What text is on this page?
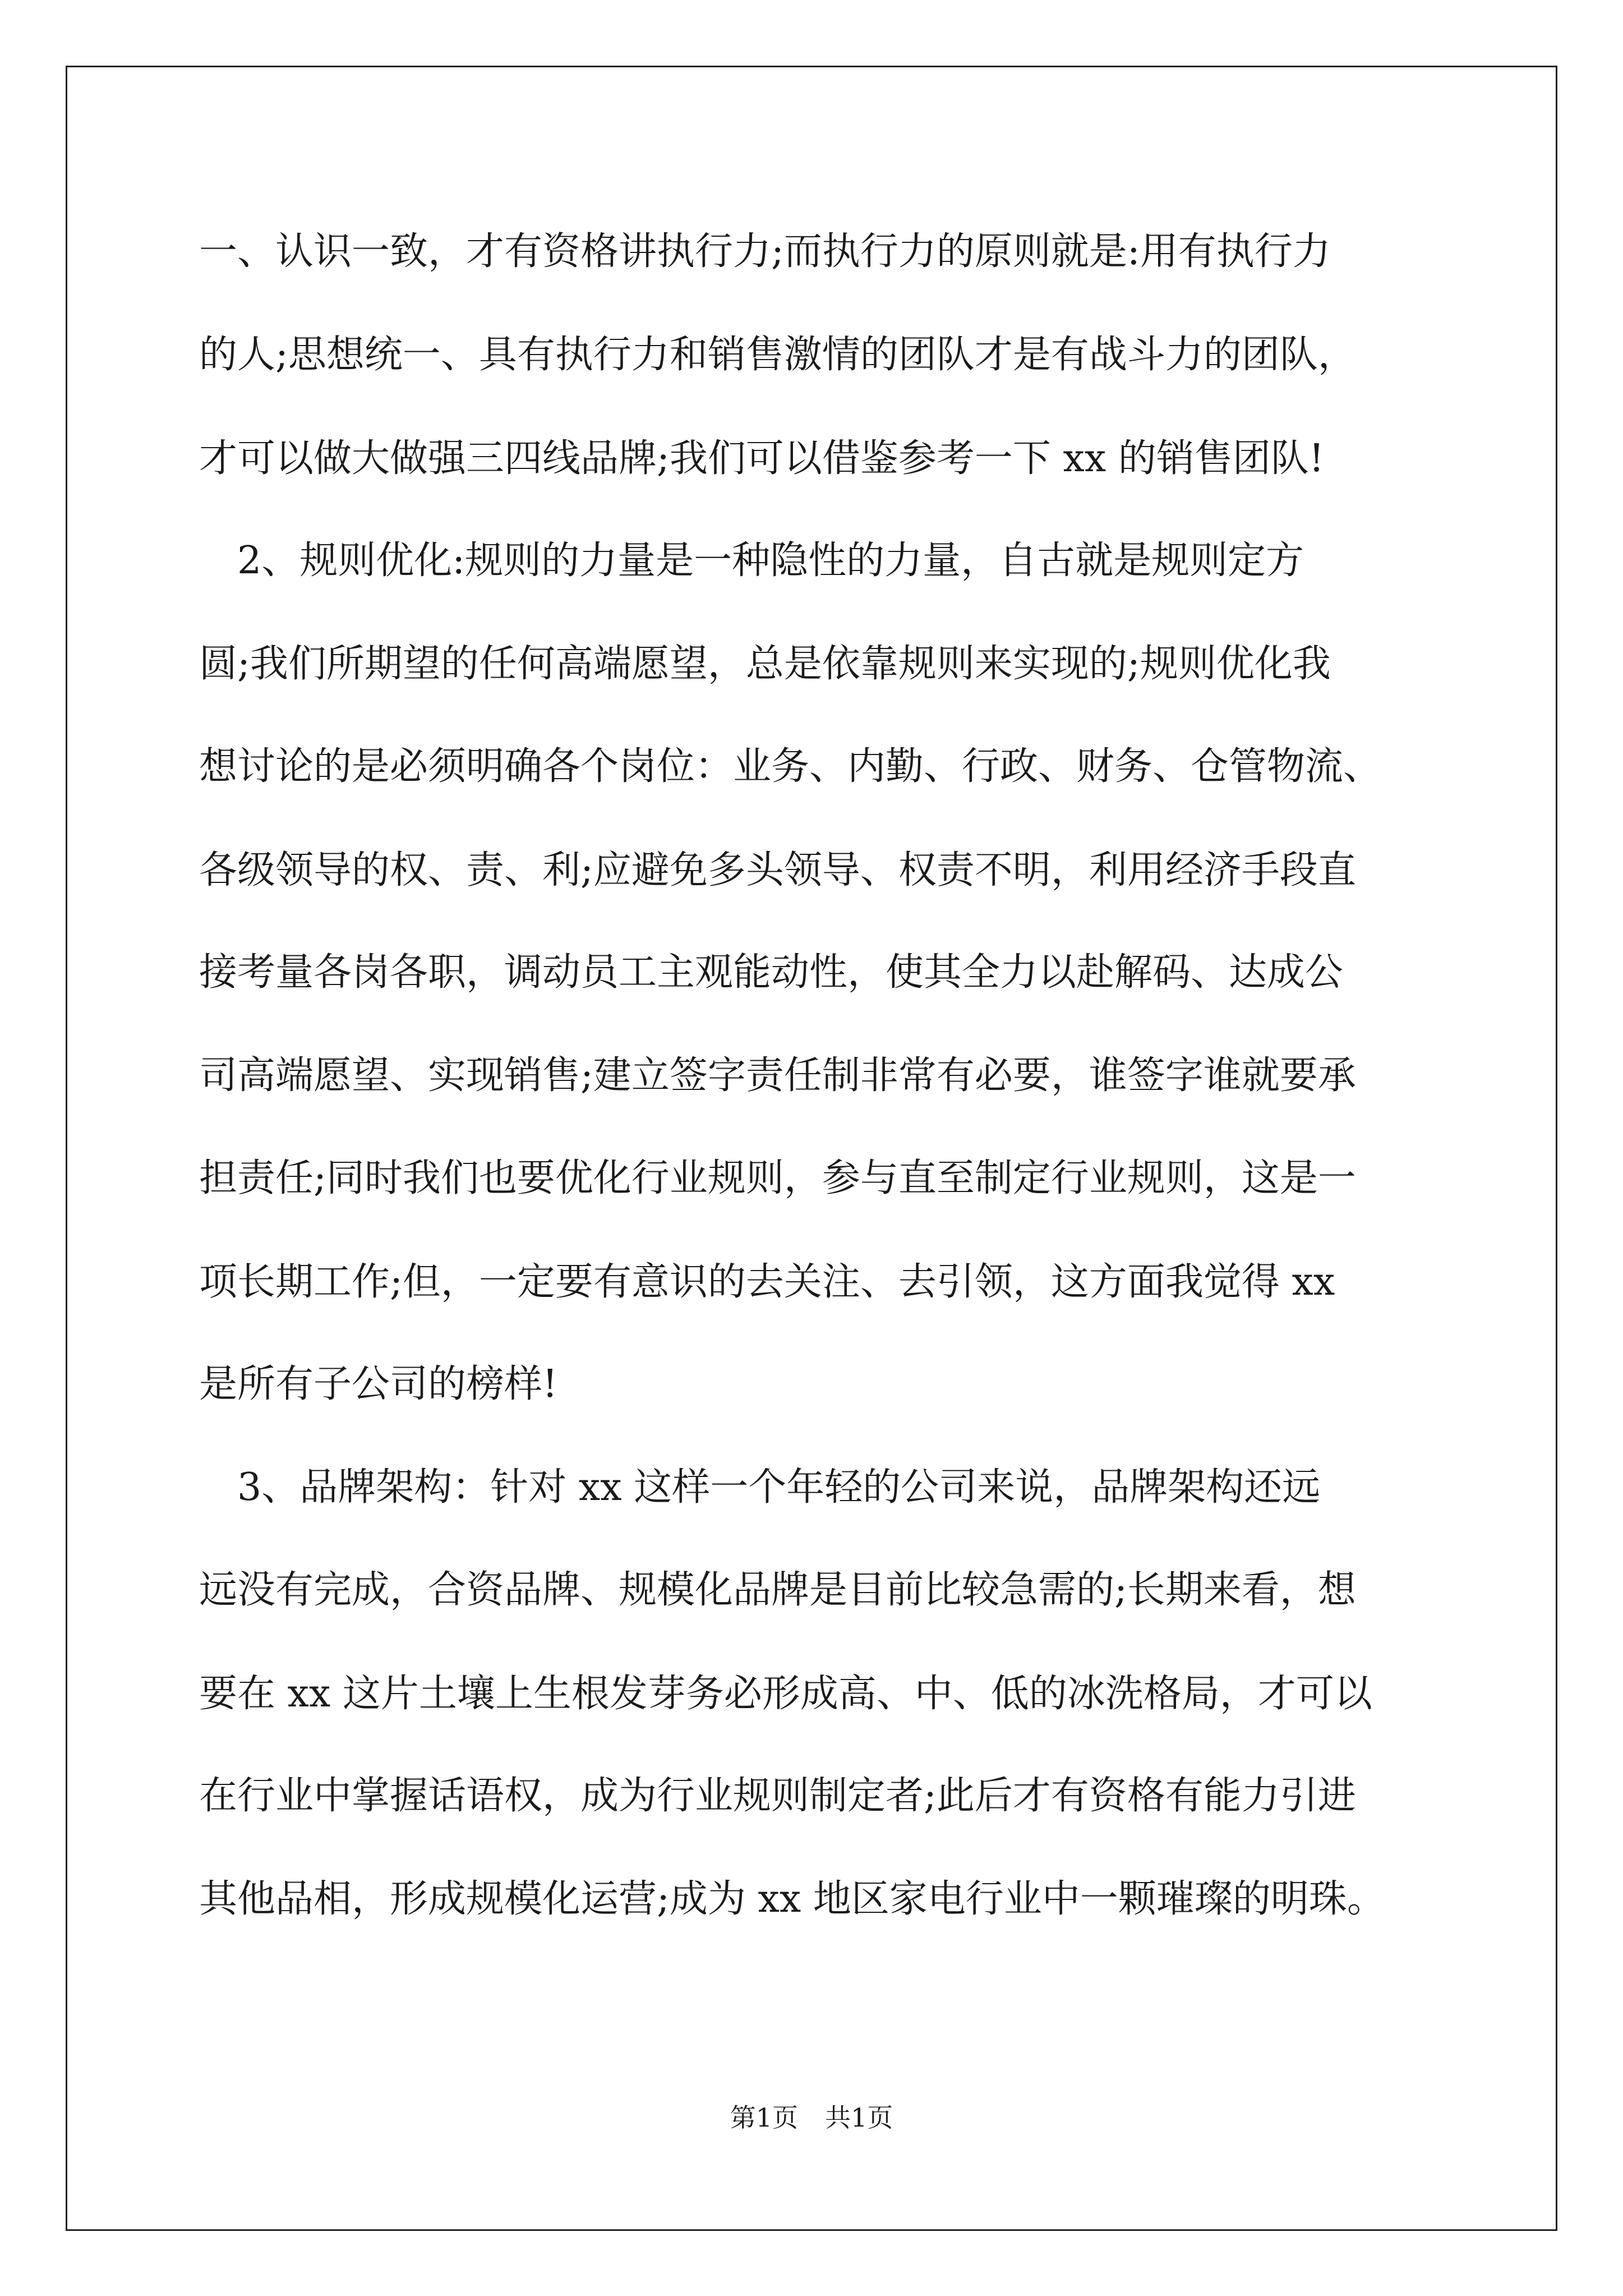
一、认识一致，才有资格讲执行力;而执行力的原则就是:用有执行力
的人;思想统一、具有执行力和销售激情的团队才是有战斗力的团队，
才可以做大做强三四线品牌;我们可以借鉴参考一下 xx 的销售团队!
　2、规则优化:规则的力量是一种隐性的力量，自古就是规则定方
圆;我们所期望的任何高端愿望，总是依靠规则来实现的;规则优化我
想讨论的是必须明确各个岗位：业务、内勤、行政、财务、仓管物流、
各级领导的权、责、利;应避免多头领导、权责不明，利用经济手段直
接考量各岗各职，调动员工主观能动性，使其全力以赴解码、达成公
司高端愿望、实现销售;建立签字责任制非常有必要，谁签字谁就要承
担责任;同时我们也要优化行业规则，参与直至制定行业规则，这是一
项长期工作;但，一定要有意识的去关注、去引领，这方面我觉得 xx
是所有子公司的榜样!
　3、品牌架构：针对 xx 这样一个年轻的公司来说，品牌架构还远
远没有完成，合资品牌、规模化品牌是目前比较急需的;长期来看，想
要在 xx 这片土壤上生根发芽务必形成高、中、低的冰洗格局，才可以
在行业中掌握话语权，成为行业规则制定者;此后才有资格有能力引进
其他品相，形成规模化运营;成为 xx 地区家电行业中一颗璀璨的明珠。
第1页 共1页
